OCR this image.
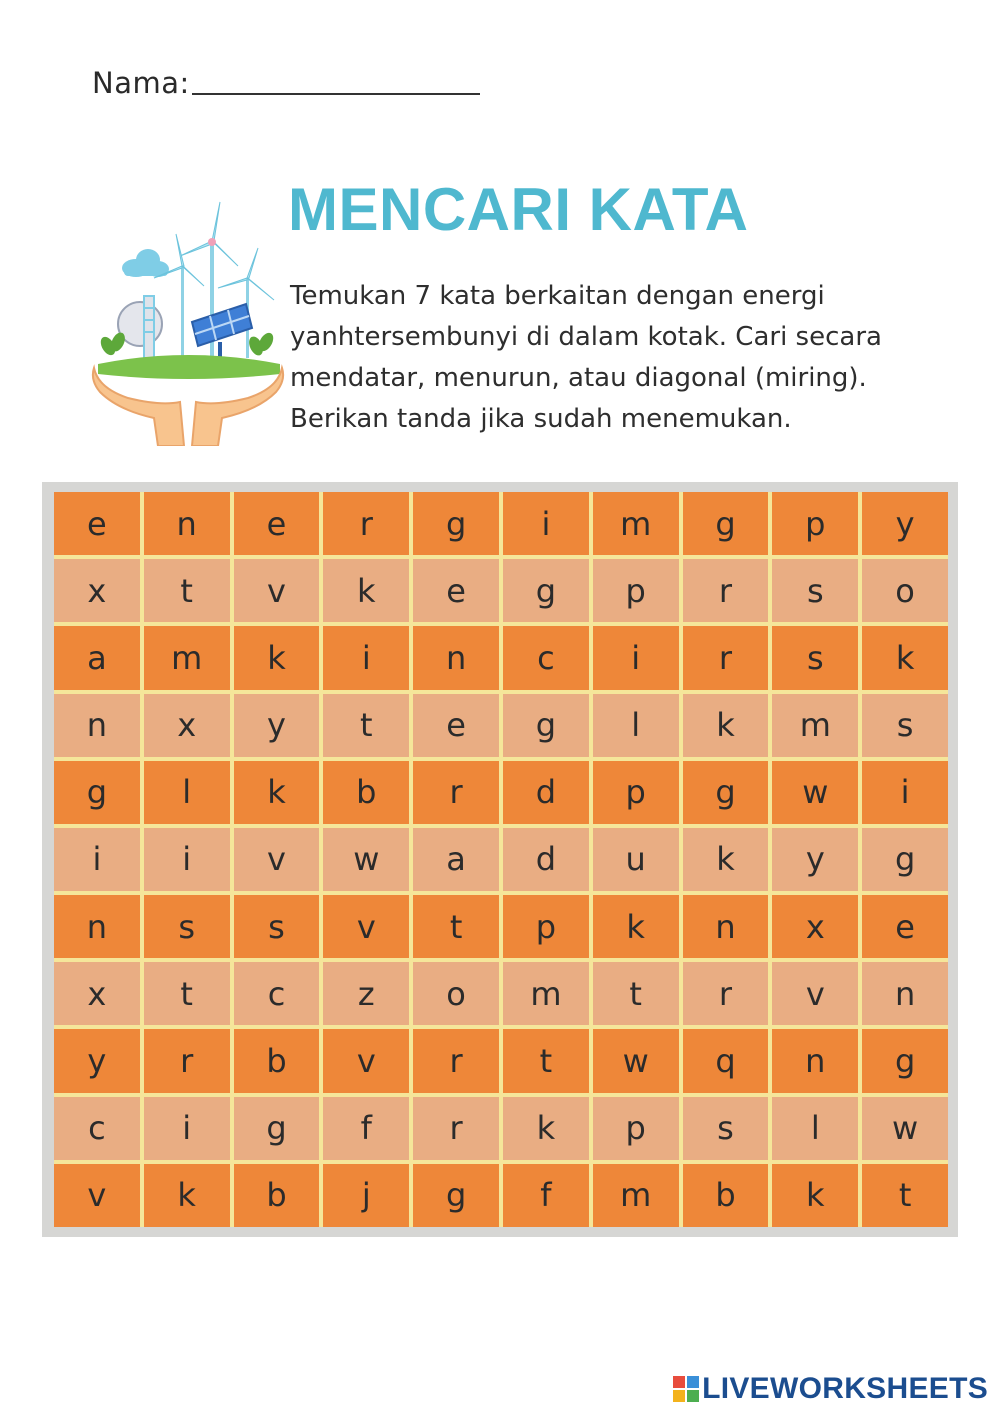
Nama:
MENCARI KATA

Temukan 7 kata berkaitan dengan energi yanhtersembunyi di dalam kotak. Cari secara mendatar, menurun, atau diagonal (miring). Berikan tanda jika sudah menemukan.

e	n	e	r	g	i	m	g	p	y
x	t	v	k	e	g	p	r	s	o
a	m	k	i	n	c	i	r	s	k
n	x	y	t	e	g	l	k	m	s
g	l	k	b	r	d	p	g	w	i
i	i	v	w	a	d	u	k	y	g
n	s	s	v	t	p	k	n	x	e
x	t	c	z	o	m	t	r	v	n
y	r	b	v	r	t	w	q	n	g
c	i	g	f	r	k	p	s	l	w
v	k	b	j	g	f	m	b	k	t
LIVEWORKSHEETS
